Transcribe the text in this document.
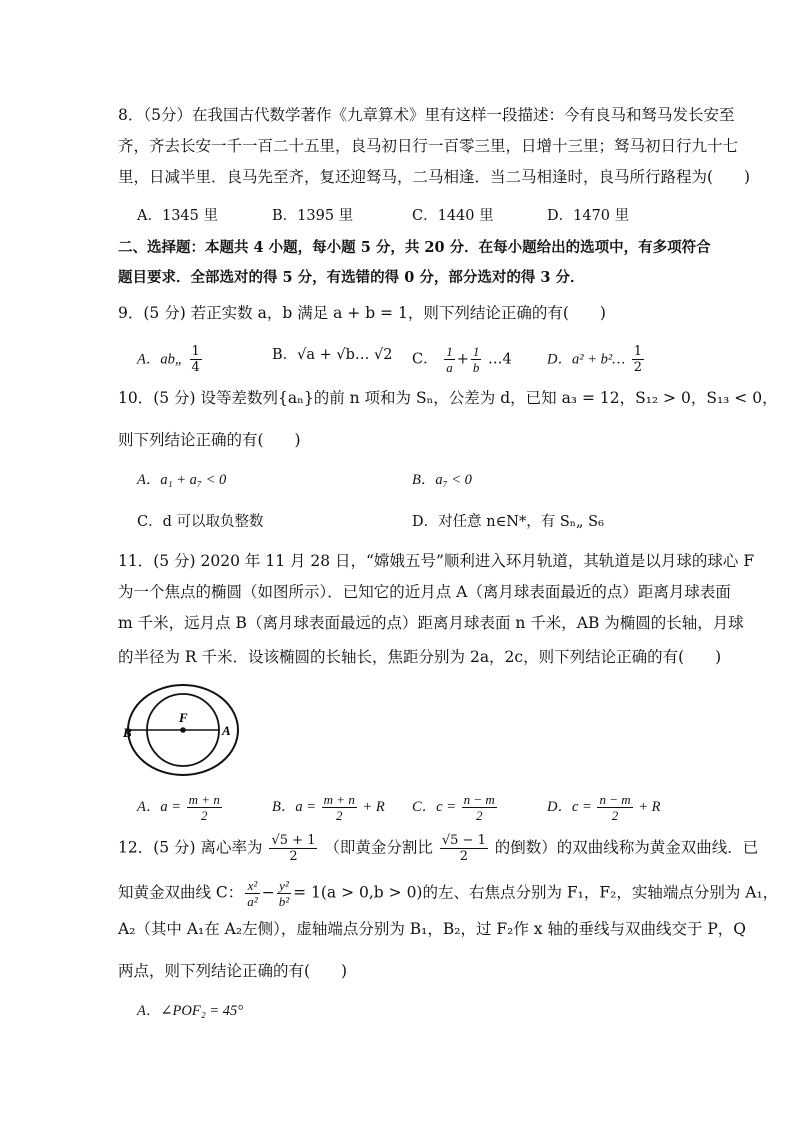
8．（5分）在我国古代数学著作《九章算术》里有这样一段描述：今有良马和驽马发长安至
齐，齐去长安一千一百二十五里，良马初日行一百零三里，日增十三里；驽马初日行九十七
里，日减半里．良马先至齐，复还迎驽马，二马相逢．当二马相逢时，良马所行路程为(　　)
A．1345 里	B．1395 里	C．1440 里	D．1470 里
二、选择题：本题共 4 小题，每小题 5 分，共 20 分．在每小题给出的选项中，有多项符合
题目要求．全部选对的得 5 分，有选错的得 0 分，部分选对的得 3 分．
9．(5 分) 若正实数 a，b 满足 a + b = 1，则下列结论正确的有(　　)
A．ab„ $\frac{1}{4}$	B．√a + √b… √2 C． $\frac{1}{a} + \frac{1}{b}$ …4 D．a² + b²… $\frac{1}{2}$
10．(5 分) 设等差数列{aₙ}的前 n 项和为 Sₙ，公差为 d，已知 a₃ = 12，S₁₂ > 0，S₁₃ < 0，
则下列结论正确的有(　　)
A．a₁ + a₇ < 0	B．a₇ < 0
C．d 可以取负整数	D．对任意 n∈N*，有 Sₙ„ S₆
11．(5 分) 2020 年 11 月 28 日，“嫦娥五号”顺利进入环月轨道，其轨道是以月球的球心 F
为一个焦点的椭圆（如图所示）．已知它的近月点 A（离月球表面最近的点）距离月球表面
m 千米，远月点 B（离月球表面最远的点）距离月球表面 n 千米，AB 为椭圆的长轴，月球
的半径为 R 千米．设该椭圆的长轴长，焦距分别为 2a，2c，则下列结论正确的有(　　)
B
F
A
A．$a = \frac{m + n}{2}$	B．$a = \frac{m + n}{2} + R$ C．$c = \frac{n - m}{2}$	D．$c = \frac{n - m}{2} + R$
12．(5 分) 离心率为 $\frac{√5 + 1}{2}$ （即黄金分割比 $\frac{√5 - 1}{2}$ 的倒数）的双曲线称为黄金双曲线．已
知黄金双曲线 C： $\frac{\text{x²}}{\text{a²}} - \frac{\text{y²}}{\text{b²}} = 1(a > 0,b > 0)$的左、右焦点分别为 F₁，F₂，实轴端点分别为 A₁，
A₂（其中 A₁在 A₂左侧），虚轴端点分别为 B₁，B₂，过 F₂作 x 轴的垂线与双曲线交于 P，Q
两点，则下列结论正确的有(　　)
A．∠POF₂ = 45°
